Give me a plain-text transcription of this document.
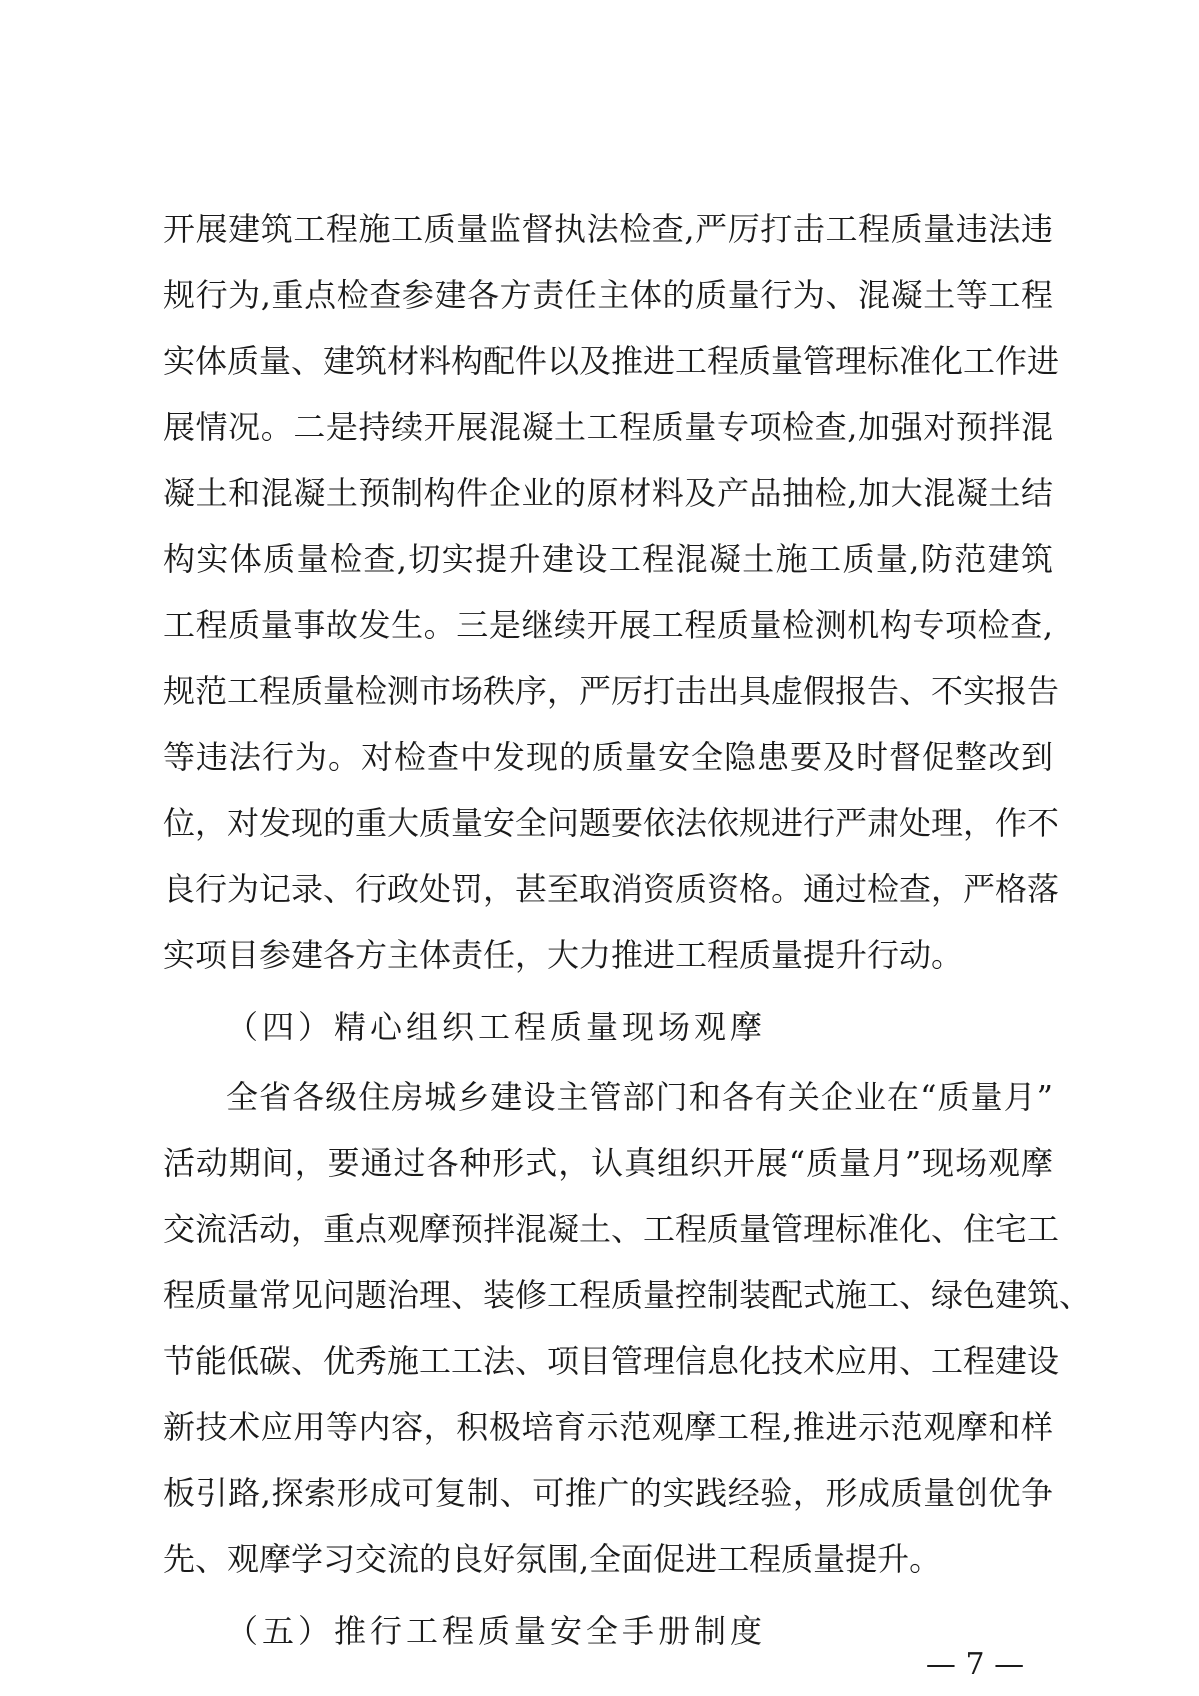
开展建筑工程施工质量监督执法检查,严厉打击工程质量违法违
规行为,重点检查参建各方责任主体的质量行为、混凝土等工程
实体质量、建筑材料构配件以及推进工程质量管理标准化工作进
展情况。二是持续开展混凝土工程质量专项检查,加强对预拌混
凝土和混凝土预制构件企业的原材料及产品抽检,加大混凝土结
构实体质量检查,切实提升建设工程混凝土施工质量,防范建筑
工程质量事故发生。三是继续开展工程质量检测机构专项检查,
规范工程质量检测市场秩序，严厉打击出具虚假报告、不实报告
等违法行为。对检查中发现的质量安全隐患要及时督促整改到
位，对发现的重大质量安全问题要依法依规进行严肃处理，作不
良行为记录、行政处罚，甚至取消资质资格。通过检查，严格落
实项目参建各方主体责任，大力推进工程质量提升行动。
（四）精心组织工程质量现场观摩
全省各级住房城乡建设主管部门和各有关企业在“质量月”
活动期间，要通过各种形式，认真组织开展“质量月”现场观摩
交流活动，重点观摩预拌混凝土、工程质量管理标准化、住宅工
程质量常见问题治理、装修工程质量控制装配式施工、绿色建筑、
节能低碳、优秀施工工法、项目管理信息化技术应用、工程建设
新技术应用等内容，积极培育示范观摩工程,推进示范观摩和样
板引路,探索形成可复制、可推广的实践经验，形成质量创优争
先、观摩学习交流的良好氛围,全面促进工程质量提升。
（五）推行工程质量安全手册制度
— 7 —
